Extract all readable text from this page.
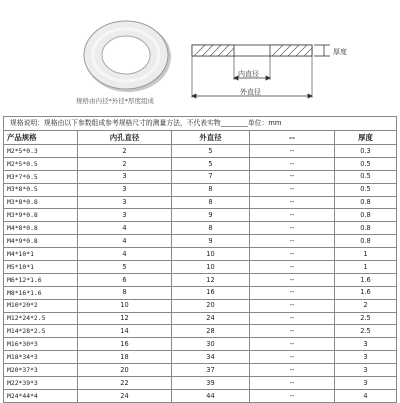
规格由内径*外径*厚度组成
厚度
内直径
外直径
规格说明：规格由以下参数组成参考规格尺寸的测量方法，不代表实物________单位：mm				
产品规格	内孔直径	外直径	--	厚度
M2*5*0.3	2	5	--	0.3
M2*5*0.5	2	5	--	0.5
M3*7*0.5	3	7	--	0.5
M3*8*0.5	3	8	--	0.5
M3*8*0.8	3	8	--	0.8
M3*9*0.8	3	9	--	0.8
M4*8*0.8	4	8	--	0.8
M4*9*0.8	4	9	--	0.8
M4*10*1	4	10	--	1
M5*10*1	5	10	--	1
M6*12*1.6	6	12	--	1.6
M8*16*1.6	8	16	--	1.6
M10*20*2	10	20	--	2
M12*24*2.5	12	24	--	2.5
M14*28*2.5	14	28	--	2.5
M16*30*3	16	30	--	3
M18*34*3	18	34	--	3
M20*37*3	20	37	--	3
M22*39*3	22	39	--	3
M24*44*4	24	44	--	4
